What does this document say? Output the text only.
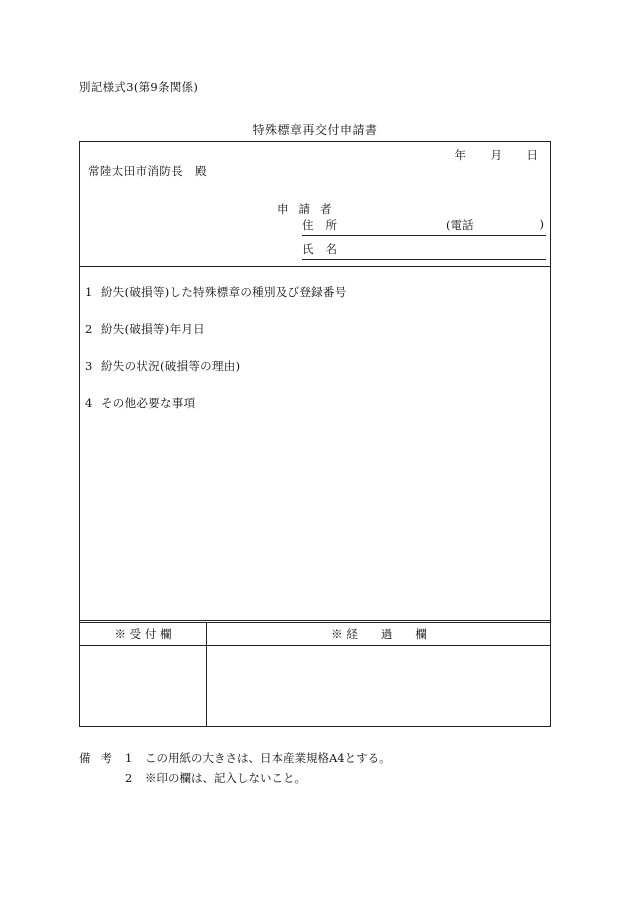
別記様式3(第9条関係)
特殊標章再交付申請書
年	月	日
常陸太田市消防長　殿
申請者
住所	(電話	)
氏名
1 紛失(破損等)した特殊標章の種別及び登録番号
2 紛失(破損等)年月日
3 紛失の状況(破損等の理由)
4 その他必要な事項
※ 受 付 欄	※ 経　　過　　欄
備考 1 この用紙の大きさは、日本産業規格A4とする。
2 ※印の欄は、記入しないこと。
